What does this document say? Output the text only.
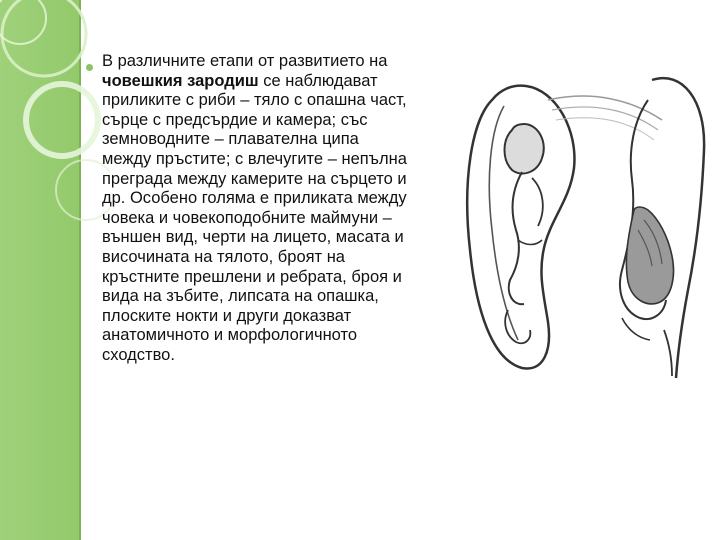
В различните етапи от развитието на
човешкия зародиш се наблюдават
приликите с риби – тяло с опашна част,
сърце с предсърдие и камера; със
земноводните – плавателна ципа
между пръстите; с влечугите – непълна
преграда между камерите на сърцето и
др. Особено голяма е приликата между
човека и човекоподобните маймуни –
външен вид, черти на лицето, масата и
височината на тялото, броят на
кръстните прешлени и ребрата, броя и
вида на зъбите, липсата на опашка,
плоските нокти и други доказват
анатомичното и морфологичното
сходство.
